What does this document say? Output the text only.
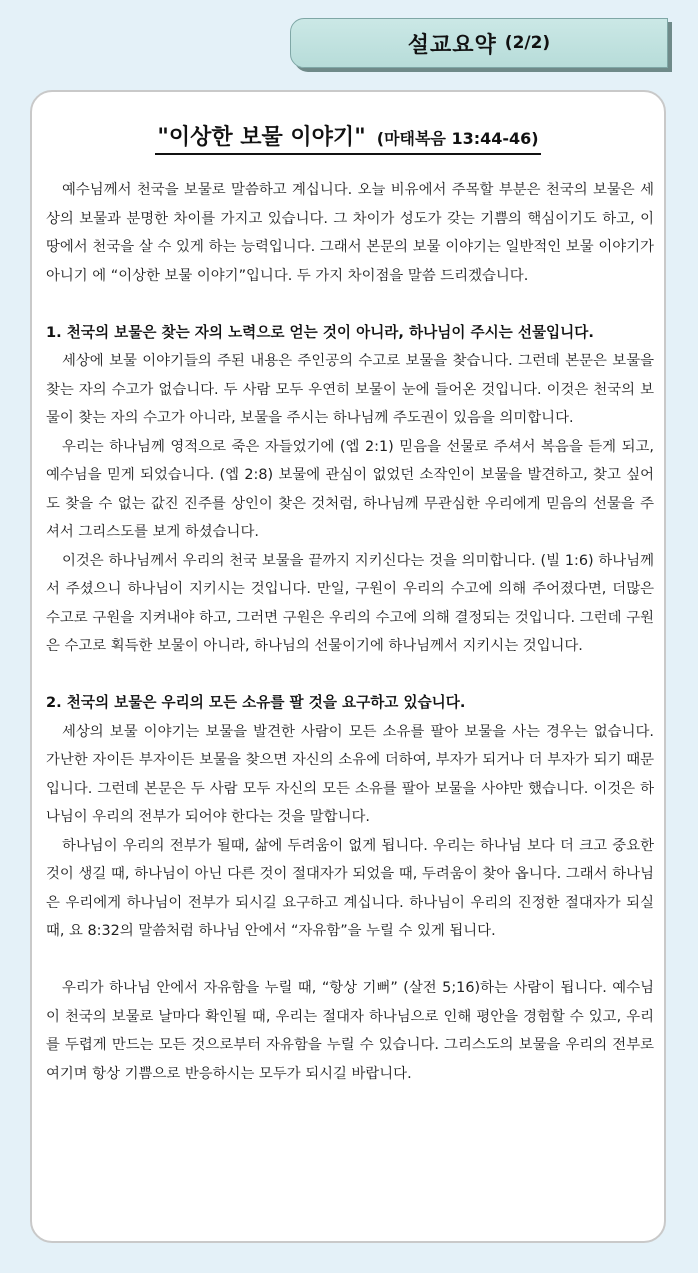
설교요약 (2/2)
"이상한 보물 이야기" (마태복음 13:44-46)

예수님께서 천국을 보물로 말씀하고 계십니다. 오늘 비유에서 주목할 부분은 천국의 보물은 세상의 보물과 분명한 차이를 가지고 있습니다. 그 차이가 성도가 갖는 기쁨의 핵심이기도 하고, 이 땅에서 천국을 살 수 있게 하는 능력입니다. 그래서 본문의 보물 이야기는 일반적인 보물 이야기가 아니기 에 “이상한 보물 이야기”입니다. 두 가지 차이점을 말씀 드리겠습니다.

1. 천국의 보물은 찾는 자의 노력으로 얻는 것이 아니라, 하나님이 주시는 선물입니다.

세상에 보물 이야기들의 주된 내용은 주인공의 수고로 보물을 찾습니다. 그런데 본문은 보물을 찾는 자의 수고가 없습니다. 두 사람 모두 우연히 보물이 눈에 들어온 것입니다. 이것은 천국의 보물이 찾는 자의 수고가 아니라, 보물을 주시는 하나님께 주도권이 있음을 의미합니다.

우리는 하나님께 영적으로 죽은 자들었기에 (엡 2:1) 믿음을 선물로 주셔서 복음을 듣게 되고, 예수님을 믿게 되었습니다. (엡 2:8) 보물에 관심이 없었던 소작인이 보물을 발견하고, 찾고 싶어도 찾을 수 없는 값진 진주를 상인이 찾은 것처럼, 하나님께 무관심한 우리에게 믿음의 선물을 주셔서 그리스도를 보게 하셨습니다.

이것은 하나님께서 우리의 천국 보물을 끝까지 지키신다는 것을 의미합니다. (빌 1:6) 하나님께서 주셨으니 하나님이 지키시는 것입니다. 만일, 구원이 우리의 수고에 의해 주어졌다면, 더많은 수고로 구원을 지켜내야 하고, 그러면 구원은 우리의 수고에 의해 결정되는 것입니다. 그런데 구원은 수고로 획득한 보물이 아니라, 하나님의 선물이기에 하나님께서 지키시는 것입니다.

2. 천국의 보물은 우리의 모든 소유를 팔 것을 요구하고 있습니다.

세상의 보물 이야기는 보물을 발견한 사람이 모든 소유를 팔아 보물을 사는 경우는 없습니다. 가난한 자이든 부자이든 보물을 찾으면 자신의 소유에 더하여, 부자가 되거나 더 부자가 되기 때문입니다. 그런데 본문은 두 사람 모두 자신의 모든 소유를 팔아 보물을 사야만 했습니다. 이것은 하나님이 우리의 전부가 되어야 한다는 것을 말합니다.

하나님이 우리의 전부가 될때, 삶에 두려움이 없게 됩니다. 우리는 하나님 보다 더 크고 중요한 것이 생길 때, 하나님이 아닌 다른 것이 절대자가 되었을 때, 두려움이 찾아 옵니다. 그래서 하나님은 우리에게 하나님이 전부가 되시길 요구하고 계십니다. 하나님이 우리의 진정한 절대자가 되실 때, 요 8:32의 말씀처럼 하나님 안에서 “자유함”을 누릴 수 있게 됩니다.

우리가 하나님 안에서 자유함을 누릴 때, “항상 기뻐” (살전 5;16)하는 사람이 됩니다. 예수님이 천국의 보물로 날마다 확인될 때, 우리는 절대자 하나님으로 인해 평안을 경험할 수 있고, 우리를 두렵게 만드는 모든 것으로부터 자유함을 누릴 수 있습니다. 그리스도의 보물을 우리의 전부로 여기며 항상 기쁨으로 반응하시는 모두가 되시길 바랍니다.
